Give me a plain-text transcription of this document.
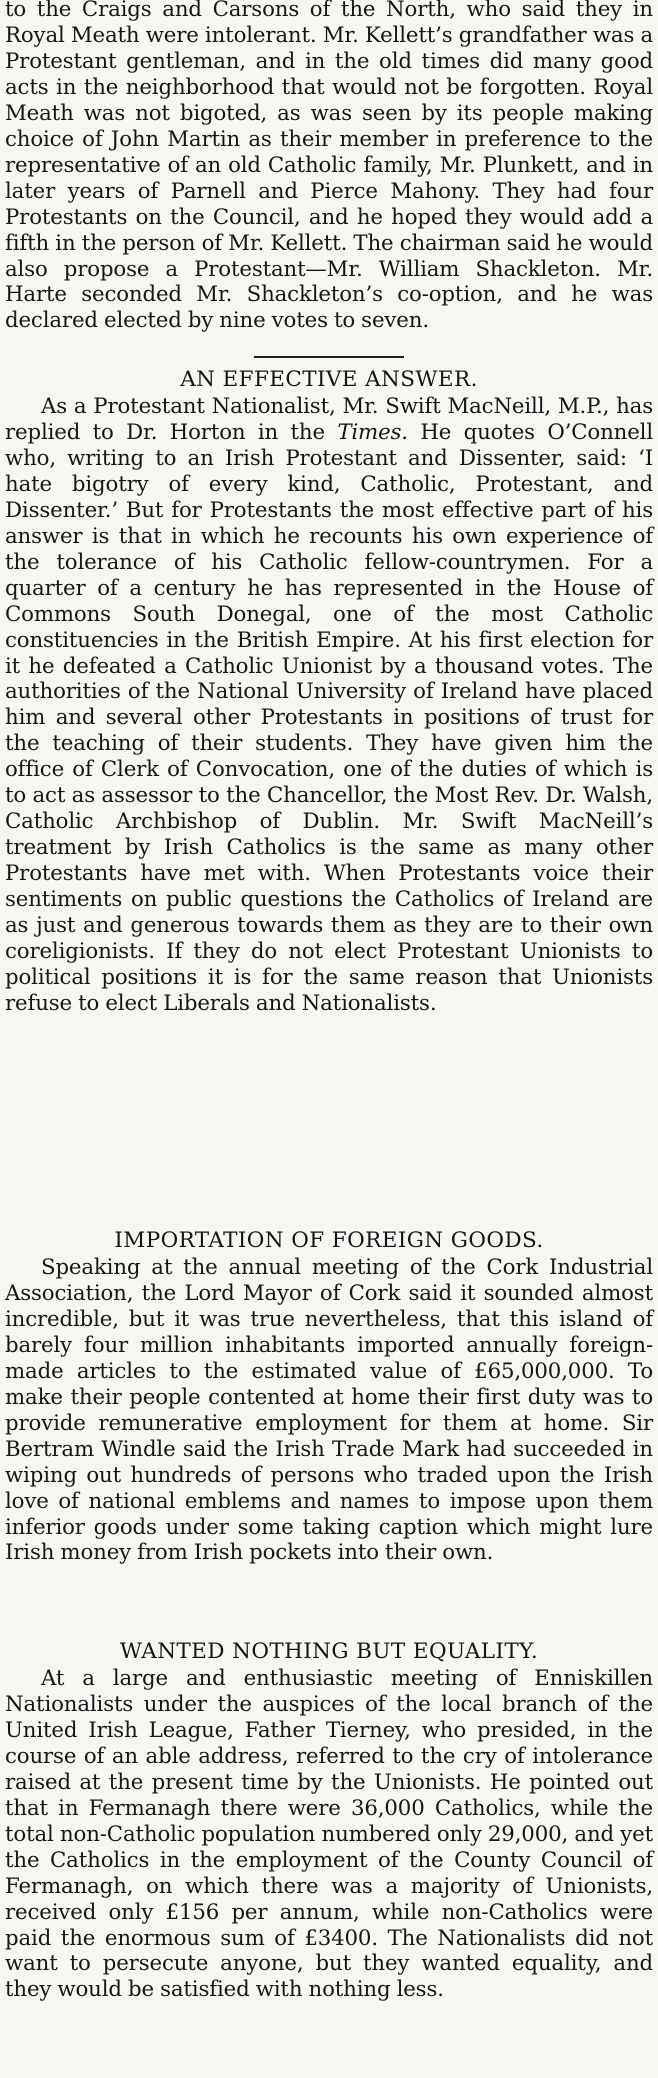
to the Craigs and Carsons of the North, who said they in Royal Meath were intolerant. Mr. Kellett’s grandfather was a Protestant gentleman, and in the old times did many good acts in the neighborhood that would not be forgotten. Royal Meath was not bigoted, as was seen by its people making choice of John Martin as their member in preference to the representative of an old Catholic family, Mr. Plunkett, and in later years of Parnell and Pierce Mahony. They had four Protestants on the Council, and he hoped they would add a fifth in the person of Mr. Kellett. The chairman said he would also propose a Protestant—Mr. William Shackleton. Mr. Harte seconded Mr. Shackleton’s co-option, and he was declared elected by nine votes to seven.

AN EFFECTIVE ANSWER.

As a Protestant Nationalist, Mr. Swift MacNeill, M.P., has replied to Dr. Horton in the Times. He quotes O’Connell who, writing to an Irish Protestant and Dissenter, said: ‘I hate bigotry of every kind, Catholic, Protestant, and Dissenter.’ But for Protestants the most effective part of his answer is that in which he recounts his own experience of the tolerance of his Catholic fellow-countrymen. For a quarter of a century he has represented in the House of Commons South Donegal, one of the most Catholic constituencies in the British Empire. At his first election for it he defeated a Catholic Unionist by a thousand votes. The authorities of the National University of Ireland have placed him and several other Protestants in positions of trust for the teaching of their students. They have given him the office of Clerk of Convocation, one of the duties of which is to act as assessor to the Chancellor, the Most Rev. Dr. Walsh, Catholic Archbishop of Dublin. Mr. Swift MacNeill’s treatment by Irish Catholics is the same as many other Protestants have met with. When Protestants voice their sentiments on public questions the Catholics of Ireland are as just and generous towards them as they are to their own coreligionists. If they do not elect Protestant Unionists to political positions it is for the same reason that Unionists refuse to elect Liberals and Nationalists.

IMPORTATION OF FOREIGN GOODS.

Speaking at the annual meeting of the Cork Industrial Association, the Lord Mayor of Cork said it sounded almost incredible, but it was true nevertheless, that this island of barely four million inhabitants imported annually foreign-made articles to the estimated value of £65,000,000. To make their people contented at home their first duty was to provide remunerative employment for them at home. Sir Bertram Windle said the Irish Trade Mark had succeeded in wiping out hundreds of persons who traded upon the Irish love of national emblems and names to impose upon them inferior goods under some taking caption which might lure Irish money from Irish pockets into their own.

WANTED NOTHING BUT EQUALITY.

At a large and enthusiastic meeting of Enniskillen Nationalists under the auspices of the local branch of the United Irish League, Father Tierney, who presided, in the course of an able address, referred to the cry of intolerance raised at the present time by the Unionists. He pointed out that in Fermanagh there were 36,000 Catholics, while the total non-Catholic population numbered only 29,000, and yet the Catholics in the employment of the County Council of Fermanagh, on which there was a majority of Unionists, received only £156 per annum, while non-Catholics were paid the enormous sum of £3400. The Nationalists did not want to persecute anyone, but they wanted equality, and they would be satisfied with nothing less.
